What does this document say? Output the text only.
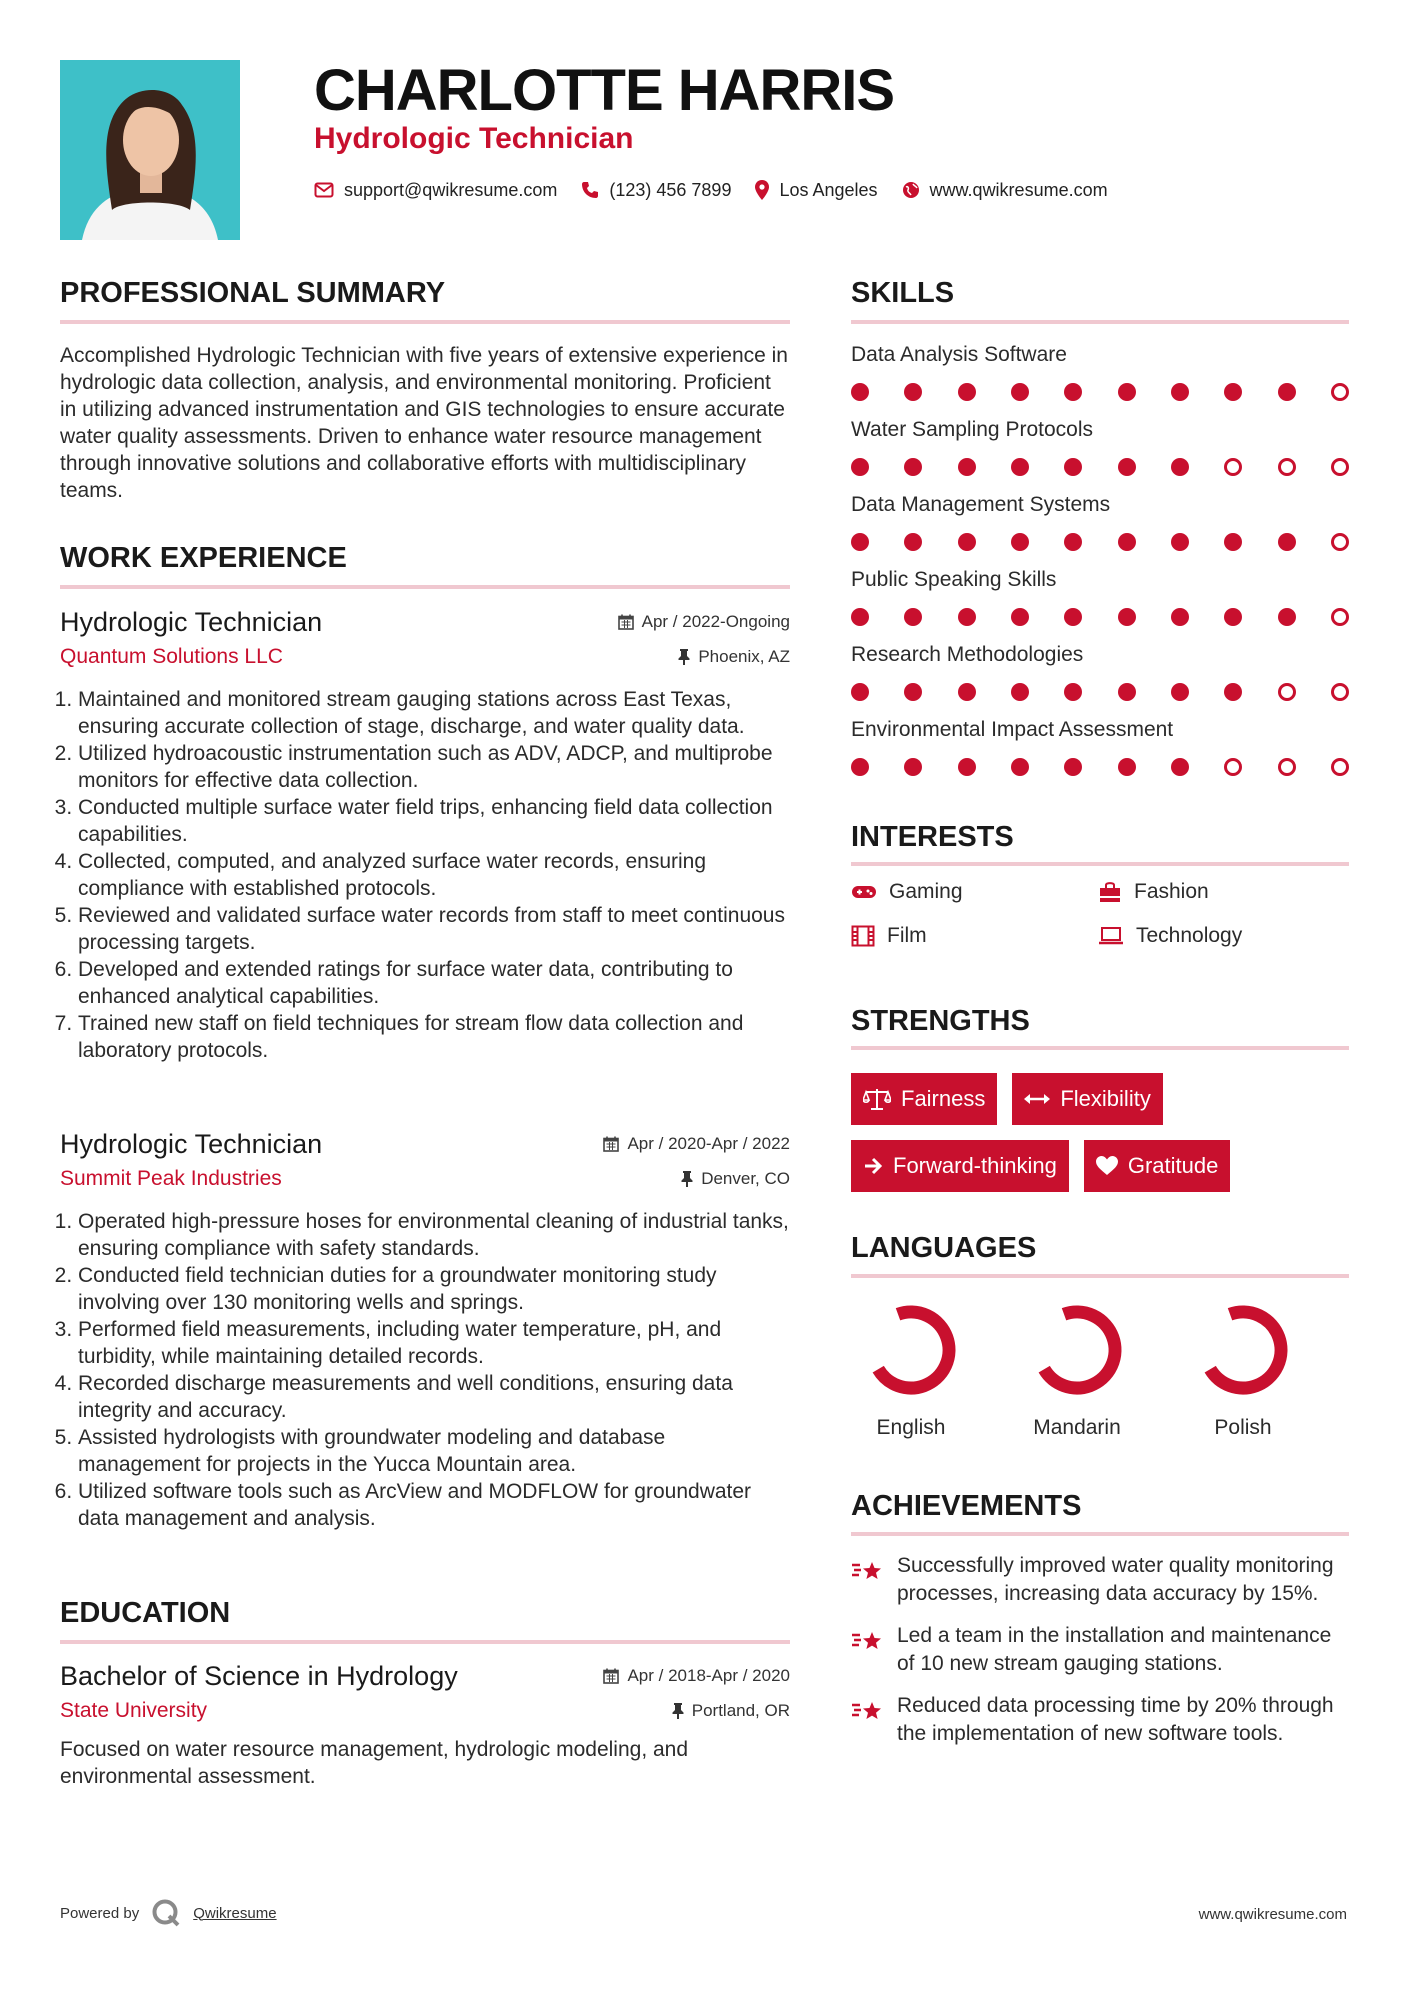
CHARLOTTE HARRIS
Hydrologic Technician
support@qwikresume.com	(123) 456 7899	Los Angeles	www.qwikresume.com
PROFESSIONAL SUMMARY

Accomplished Hydrologic Technician with five years of extensive experience in hydrologic data collection, analysis, and environmental monitoring. Proficient in utilizing advanced instrumentation and GIS technologies to ensure accurate water quality assessments. Driven to enhance water resource management through innovative solutions and collaborative efforts with multidisciplinary teams.

WORK EXPERIENCE

Hydrologic Technician	Apr / 2022-Ongoing

Quantum Solutions LLC	Phoenix, AZ
1. Maintained and monitored stream gauging stations across East Texas, ensuring accurate collection of stage, discharge, and water quality data.
2. Utilized hydroacoustic instrumentation such as ADV, ADCP, and multiprobe monitors for effective data collection.
3. Conducted multiple surface water field trips, enhancing field data collection capabilities.
4. Collected, computed, and analyzed surface water records, ensuring compliance with established protocols.
5. Reviewed and validated surface water records from staff to meet continuous processing targets.
6. Developed and extended ratings for surface water data, contributing to enhanced analytical capabilities.
7. Trained new staff on field techniques for stream flow data collection and laboratory protocols.

Hydrologic Technician	Apr / 2020-Apr / 2022

Summit Peak Industries	Denver, CO
1. Operated high-pressure hoses for environmental cleaning of industrial tanks, ensuring compliance with safety standards.
2. Conducted field technician duties for a groundwater monitoring study involving over 130 monitoring wells and springs.
3. Performed field measurements, including water temperature, pH, and turbidity, while maintaining detailed records.
4. Recorded discharge measurements and well conditions, ensuring data integrity and accuracy.
5. Assisted hydrologists with groundwater modeling and database management for projects in the Yucca Mountain area.
6. Utilized software tools such as ArcView and MODFLOW for groundwater data management and analysis.
EDUCATION

Bachelor of Science in Hydrology	Apr / 2018-Apr / 2020

State University	Portland, OR

Focused on water resource management, hydrologic modeling, and environmental assessment.

SKILLS
Data Analysis Software
Water Sampling Protocols
Data Management Systems
Public Speaking Skills
Research Methodologies
Environmental Impact Assessment
INTERESTS
Gaming	Fashion
Film	Technology
STRENGTHS
Fairness	Flexibility
Forward-thinking	Gratitude
LANGUAGES
English	Mandarin	Polish
ACHIEVEMENTS
Successfully improved water quality monitoring processes, increasing data accuracy by 15%.
Led a team in the installation and maintenance of 10 new stream gauging stations.
Reduced data processing time by 20% through the implementation of new software tools.
Powered by	Qwikresume	www.qwikresume.com
